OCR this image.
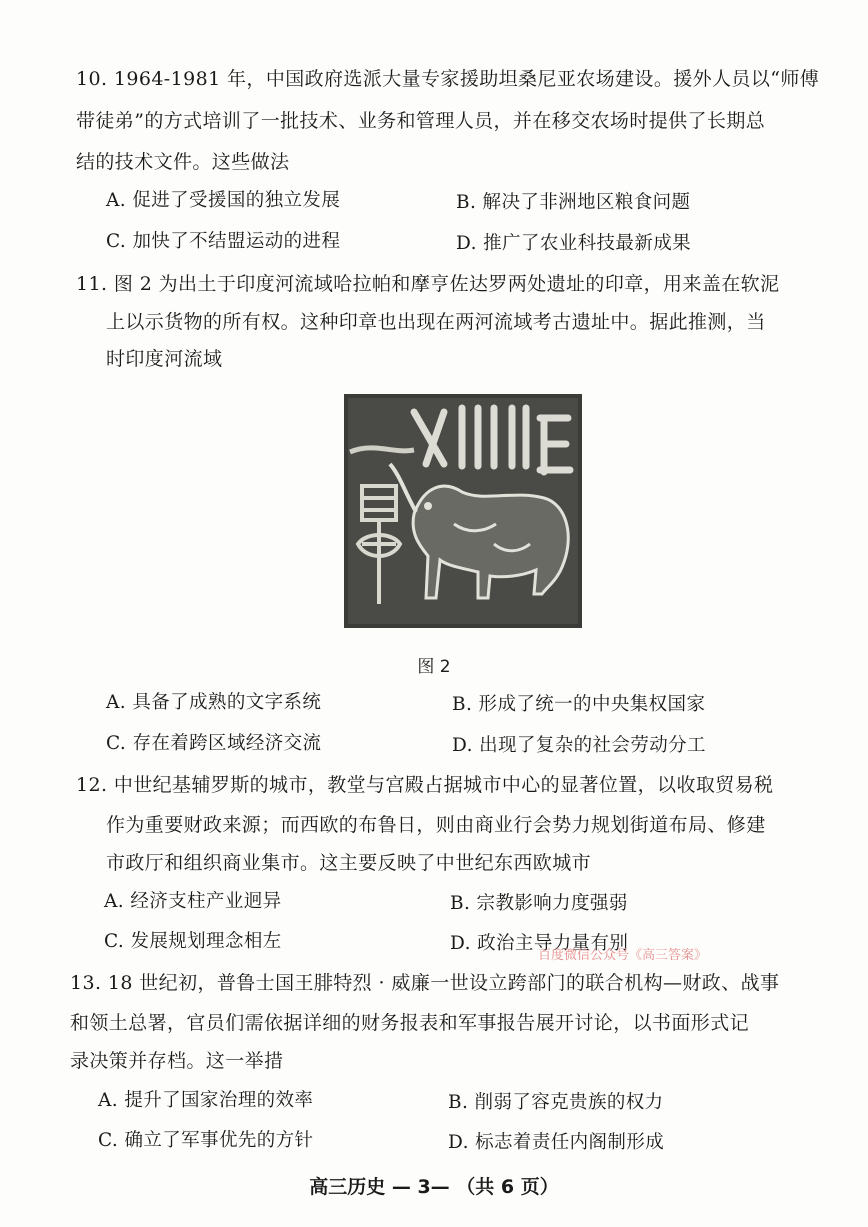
10. 1964-1981 年，中国政府选派大量专家援助坦桑尼亚农场建设。援外人员以“师傅
带徒弟”的方式培训了一批技术、业务和管理人员，并在移交农场时提供了长期总
结的技术文件。这些做法
A. 促进了受援国的独立发展	B. 解决了非洲地区粮食问题
C. 加快了不结盟运动的进程	D. 推广了农业科技最新成果
11. 图 2 为出土于印度河流域哈拉帕和摩亨佐达罗两处遗址的印章，用来盖在软泥
上以示货物的所有权。这种印章也出现在两河流域考古遗址中。据此推测，当
时印度河流域
图 2
A. 具备了成熟的文字系统	B. 形成了统一的中央集权国家
C. 存在着跨区域经济交流	D. 出现了复杂的社会劳动分工
12. 中世纪基辅罗斯的城市，教堂与宫殿占据城市中心的显著位置，以收取贸易税
作为重要财政来源；而西欧的布鲁日，则由商业行会势力规划街道布局、修建
市政厅和组织商业集市。这主要反映了中世纪东西欧城市
A. 经济支柱产业迥异	B. 宗教影响力度强弱
C. 发展规划理念相左	D. 政治主导力量有别
百度微信公众号《高三答案》
13. 18 世纪初，普鲁士国王腓特烈 · 威廉一世设立跨部门的联合机构—财政、战事
和领土总署，官员们需依据详细的财务报表和军事报告展开讨论，以书面形式记
录决策并存档。这一举措
A. 提升了国家治理的效率	B. 削弱了容克贵族的权力
C. 确立了军事优先的方针	D. 标志着责任内阁制形成
高三历史 — 3— （共 6 页）
